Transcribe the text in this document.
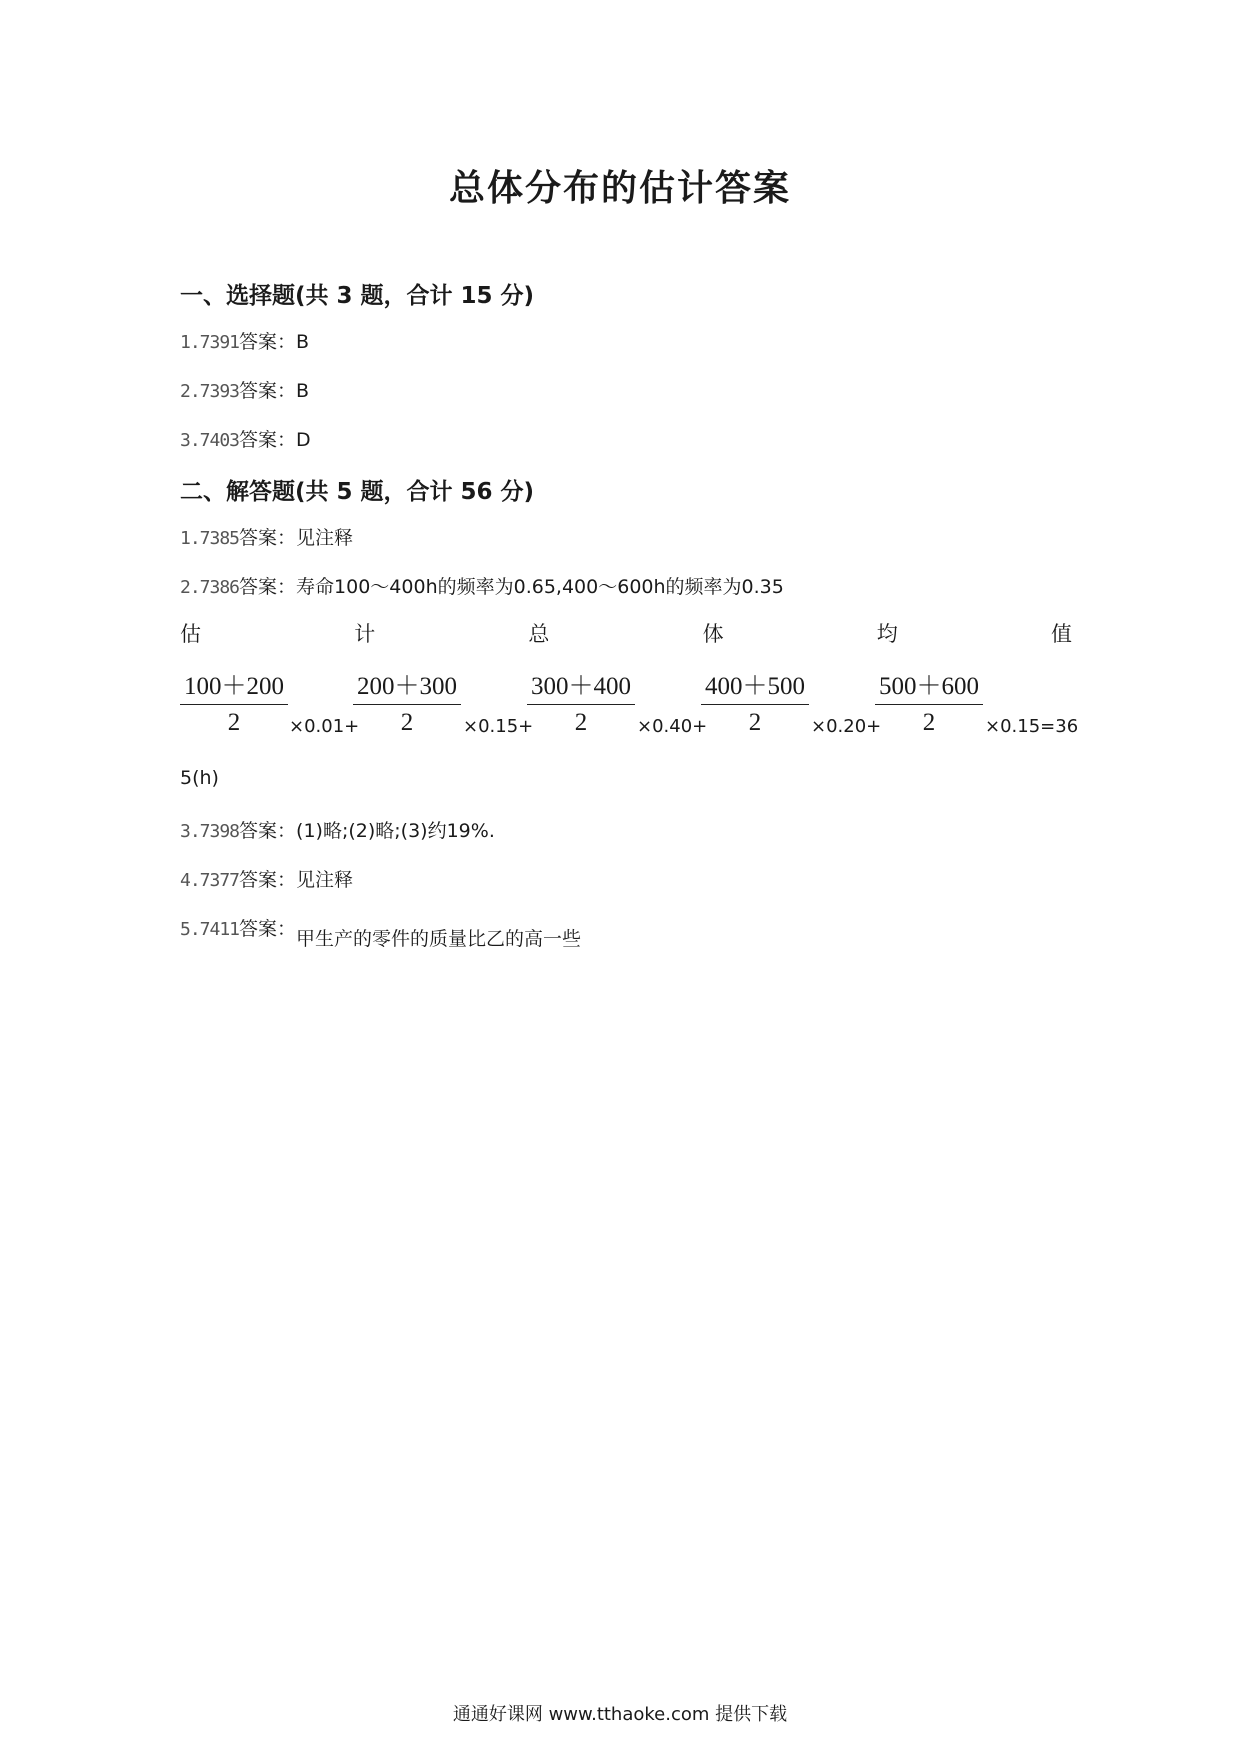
总体分布的估计答案
一、选择题(共 3 题，合计 15 分)
1.7391答案：B
2.7393答案：B
3.7403答案：D
二、解答题(共 5 题，合计 56 分)
1.7385答案：见注释
2.7386答案：寿命100～400h的频率为0.65,400～600h的频率为0.35
估	计	总	体	均	值
$\frac{100+200}{2} \times 0.01+$
$\frac{200+300}{2} \times 0.15+$
$\frac{300+400}{2} \times 0.40+$
$\frac{400+500}{2} \times 0.20+$
$\frac{500+600}{2} \times 0.15=36$
5(h)
3.7398答案：(1)略;(2)略;(3)约19%.
4.7377答案：见注释
5.7411答案：甲生产的零件的质量比乙的高一些
通通好课网 www.tthaoke.com 提供下载
